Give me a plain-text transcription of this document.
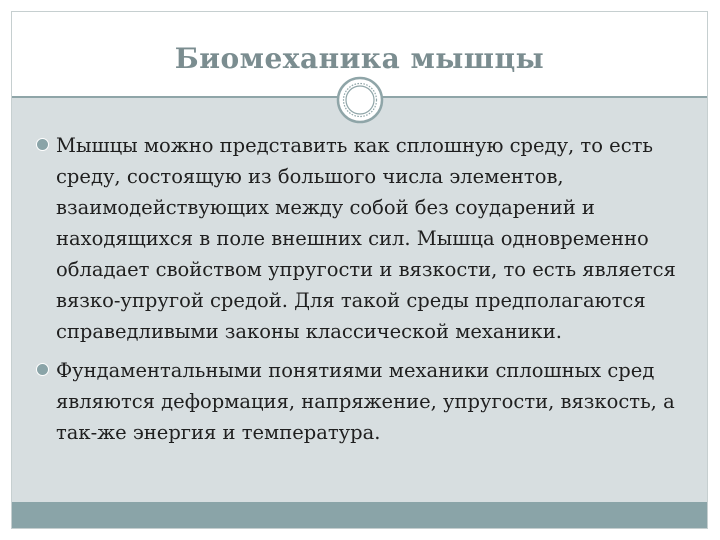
Биомеханика мышцы
Мышцы можно представить как сплошную среду, то есть среду, состоящую из большого числа элементов, взаимодействующих между собой без соударений и находящихся в поле внешних сил. Мышца одновременно обладает свойством упругости и вязкости, то есть является вязко-упругой средой. Для такой среды предполагаются справедливыми законы классической механики.
Фундаментальными понятиями механики сплошных сред являются деформация, напряжение, упругости, вязкость, а так-же энергия и температура.
